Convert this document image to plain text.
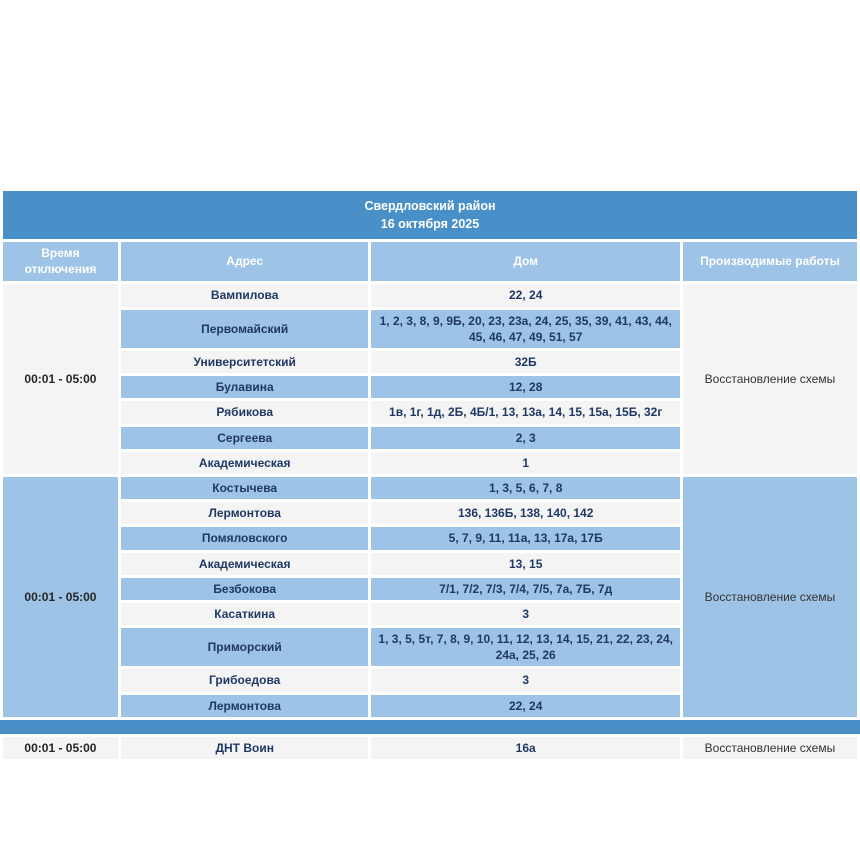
Свердловский район
16 октября 2025			

Время отключения	Адрес	Дом	Производимые работы
00:01 - 05:00	Вампилова	22, 24	Восстановление схемы
	Первомайский	1, 2, 3, 8, 9, 9Б, 20, 23, 23а, 24, 25, 35, 39, 41, 43, 44, 45, 46, 47, 49, 51, 57	
	Университетский	32Б	
	Булавина	12, 28	
	Рябикова	1в, 1г, 1д, 2Б, 4Б/1, 13, 13а, 14, 15, 15а, 15Б, 32г	
	Сергеева	2, 3	
	Академическая	1	
00:01 - 05:00	Костычева	1, 3, 5, 6, 7, 8	Восстановление схемы
	Лермонтова	136, 136Б, 138, 140, 142	
	Помяловского	5, 7, 9, 11, 11а, 13, 17а, 17Б	
	Академическая	13, 15	
	Безбокова	7/1, 7/2, 7/3, 7/4, 7/5, 7а, 7Б, 7д	
	Касаткина	3	
	Приморский	1, 3, 5, 5т, 7, 8, 9, 10, 11, 12, 13, 14, 15, 21, 22, 23, 24, 24а, 25, 26	
	Грибоедова	3	
	Лермонтова	22, 24	
00:01 - 05:00	ДНТ Воин	16а	Восстановление схемы
